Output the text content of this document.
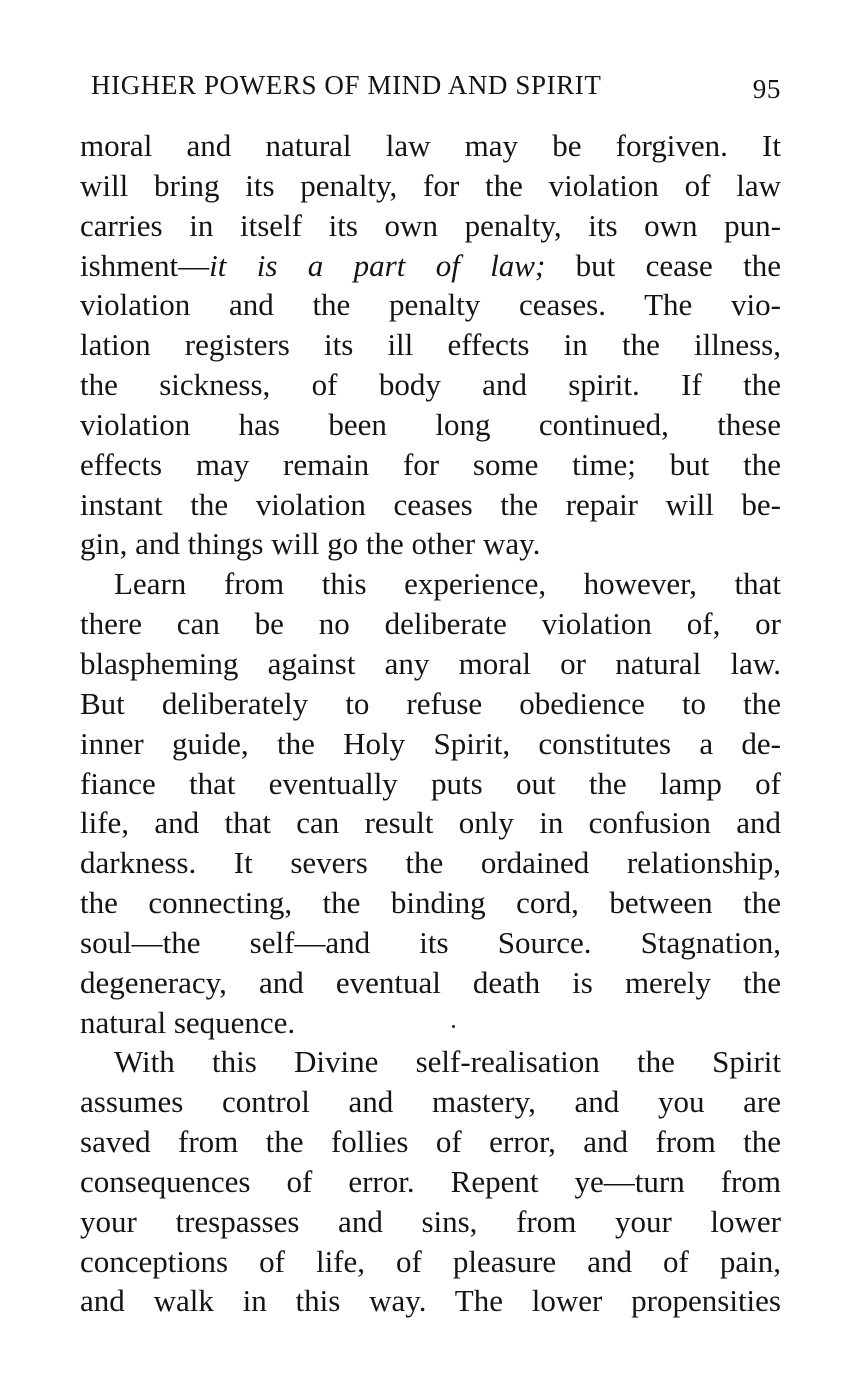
HIGHER POWERS OF MIND AND SPIRIT	95
moral and natural law may be forgiven. It
will bring its penalty, for the violation of law
carries in itself its own penalty, its own pun-
ishment—it is a part of law; but cease the
violation and the penalty ceases. The vio-
lation registers its ill effects in the illness,
the sickness, of body and spirit. If the
violation has been long continued, these
effects may remain for some time; but the
instant the violation ceases the repair will be-
gin, and things will go the other way.
Learn from this experience, however, that
there can be no deliberate violation of, or
blaspheming against any moral or natural law.
But deliberately to refuse obedience to the
inner guide, the Holy Spirit, constitutes a de-
fiance that eventually puts out the lamp of
life, and that can result only in confusion and
darkness. It severs the ordained relationship,
the connecting, the binding cord, between the
soul—the self—and its Source. Stagnation,
degeneracy, and eventual death is merely the
natural sequence.
With this Divine self-realisation the Spirit
assumes control and mastery, and you are
saved from the follies of error, and from the
consequences of error. Repent ye—turn from
your trespasses and sins, from your lower
conceptions of life, of pleasure and of pain,
and walk in this way. The lower propensities
